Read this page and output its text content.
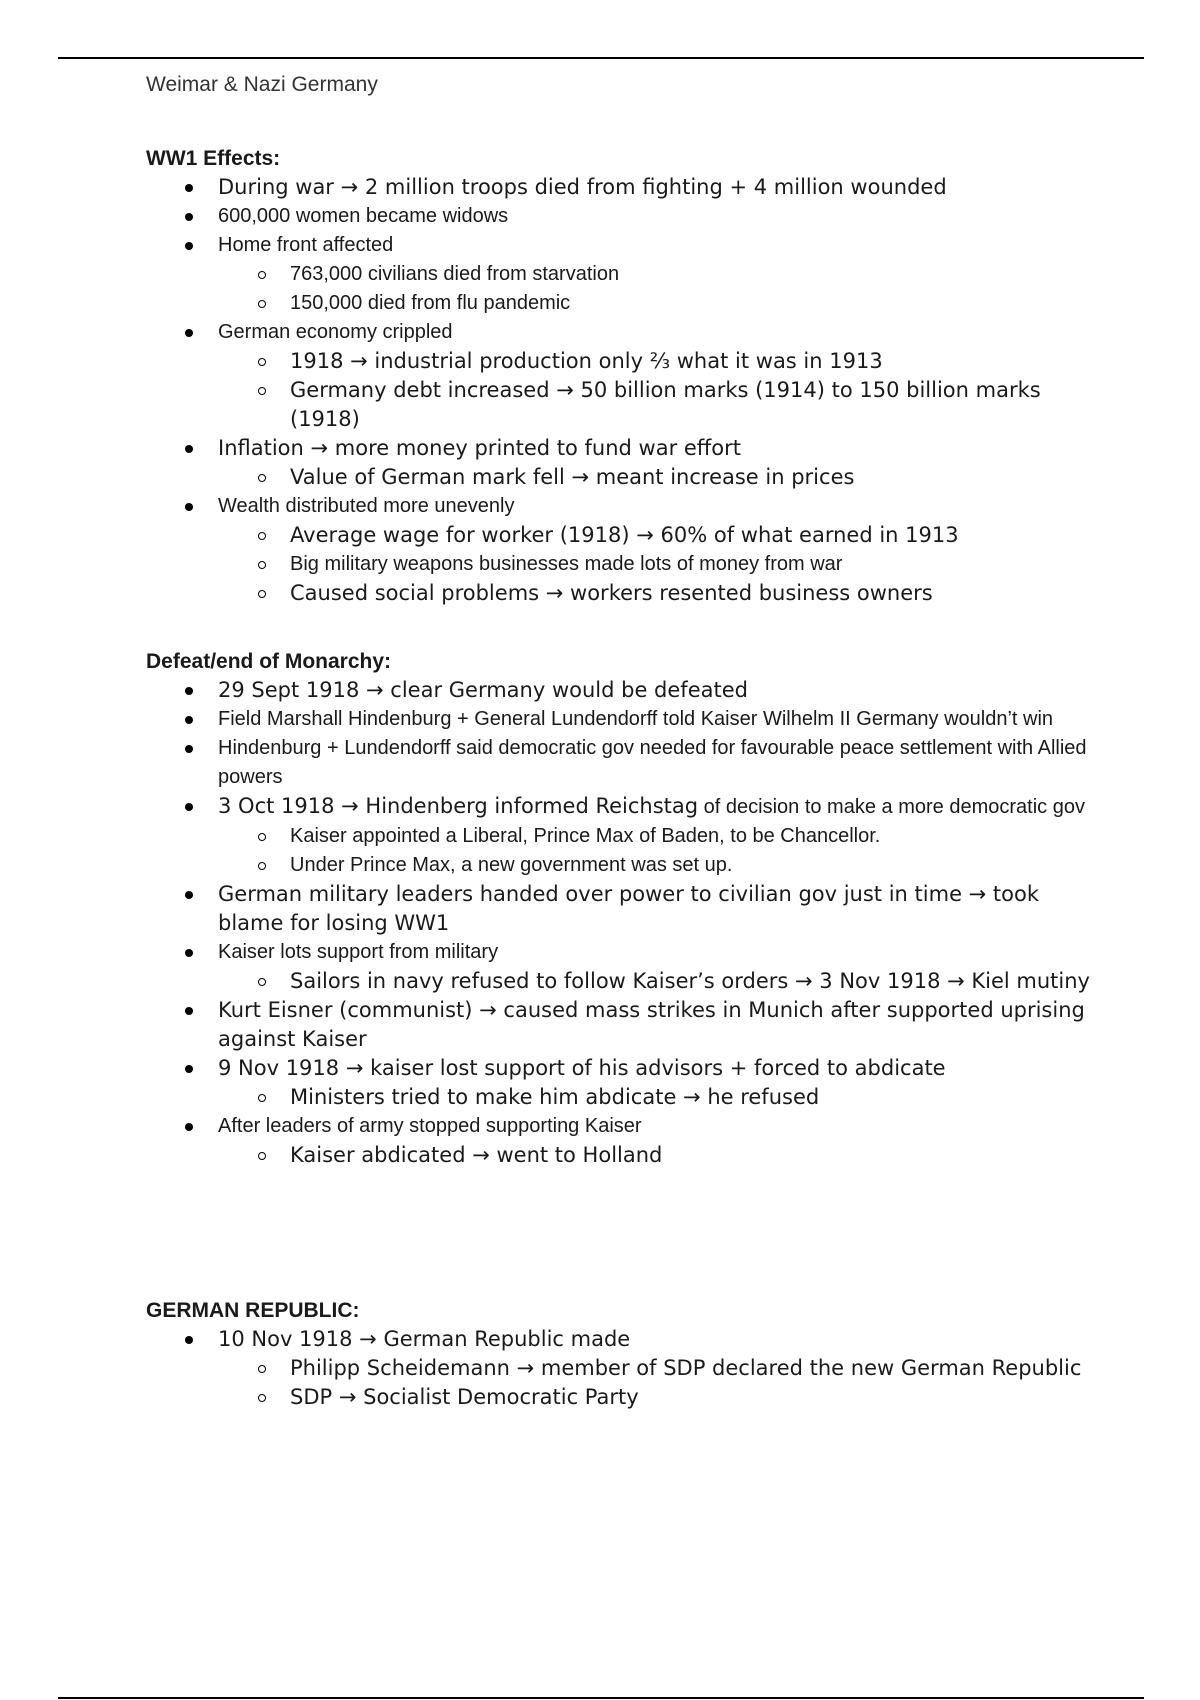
Weimar & Nazi Germany
WW1 Effects:
During war → 2 million troops died from fighting + 4 million wounded
600,000 women became widows
Home front affected
763,000 civilians died from starvation
150,000 died from flu pandemic
German economy crippled
1918 → industrial production only ⅔ what it was in 1913
Germany debt increased → 50 billion marks (1914) to 150 billion marks (1918)
Inflation → more money printed to fund war effort
Value of German mark fell → meant increase in prices
Wealth distributed more unevenly
Average wage for worker (1918) → 60% of what earned in 1913
Big military weapons businesses made lots of money from war
Caused social problems → workers resented business owners
Defeat/end of Monarchy:
29 Sept 1918 → clear Germany would be defeated
Field Marshall Hindenburg + General Lundendorff told Kaiser Wilhelm II Germany wouldn’t win
Hindenburg + Lundendorff said democratic gov needed for favourable peace settlement with Allied powers
3 Oct 1918 → Hindenberg informed Reichstag of decision to make a more democratic gov
Kaiser appointed a Liberal, Prince Max of Baden, to be Chancellor.
Under Prince Max, a new government was set up.
German military leaders handed over power to civilian gov just in time → took blame for losing WW1
Kaiser lots support from military
Sailors in navy refused to follow Kaiser’s orders → 3 Nov 1918 → Kiel mutiny
Kurt Eisner (communist) → caused mass strikes in Munich after supported uprising against Kaiser
9 Nov 1918 → kaiser lost support of his advisors + forced to abdicate
Ministers tried to make him abdicate → he refused
After leaders of army stopped supporting Kaiser
Kaiser abdicated → went to Holland
GERMAN REPUBLIC:
10 Nov 1918 → German Republic made
Philipp Scheidemann → member of SDP declared the new German Republic
SDP → Socialist Democratic Party
